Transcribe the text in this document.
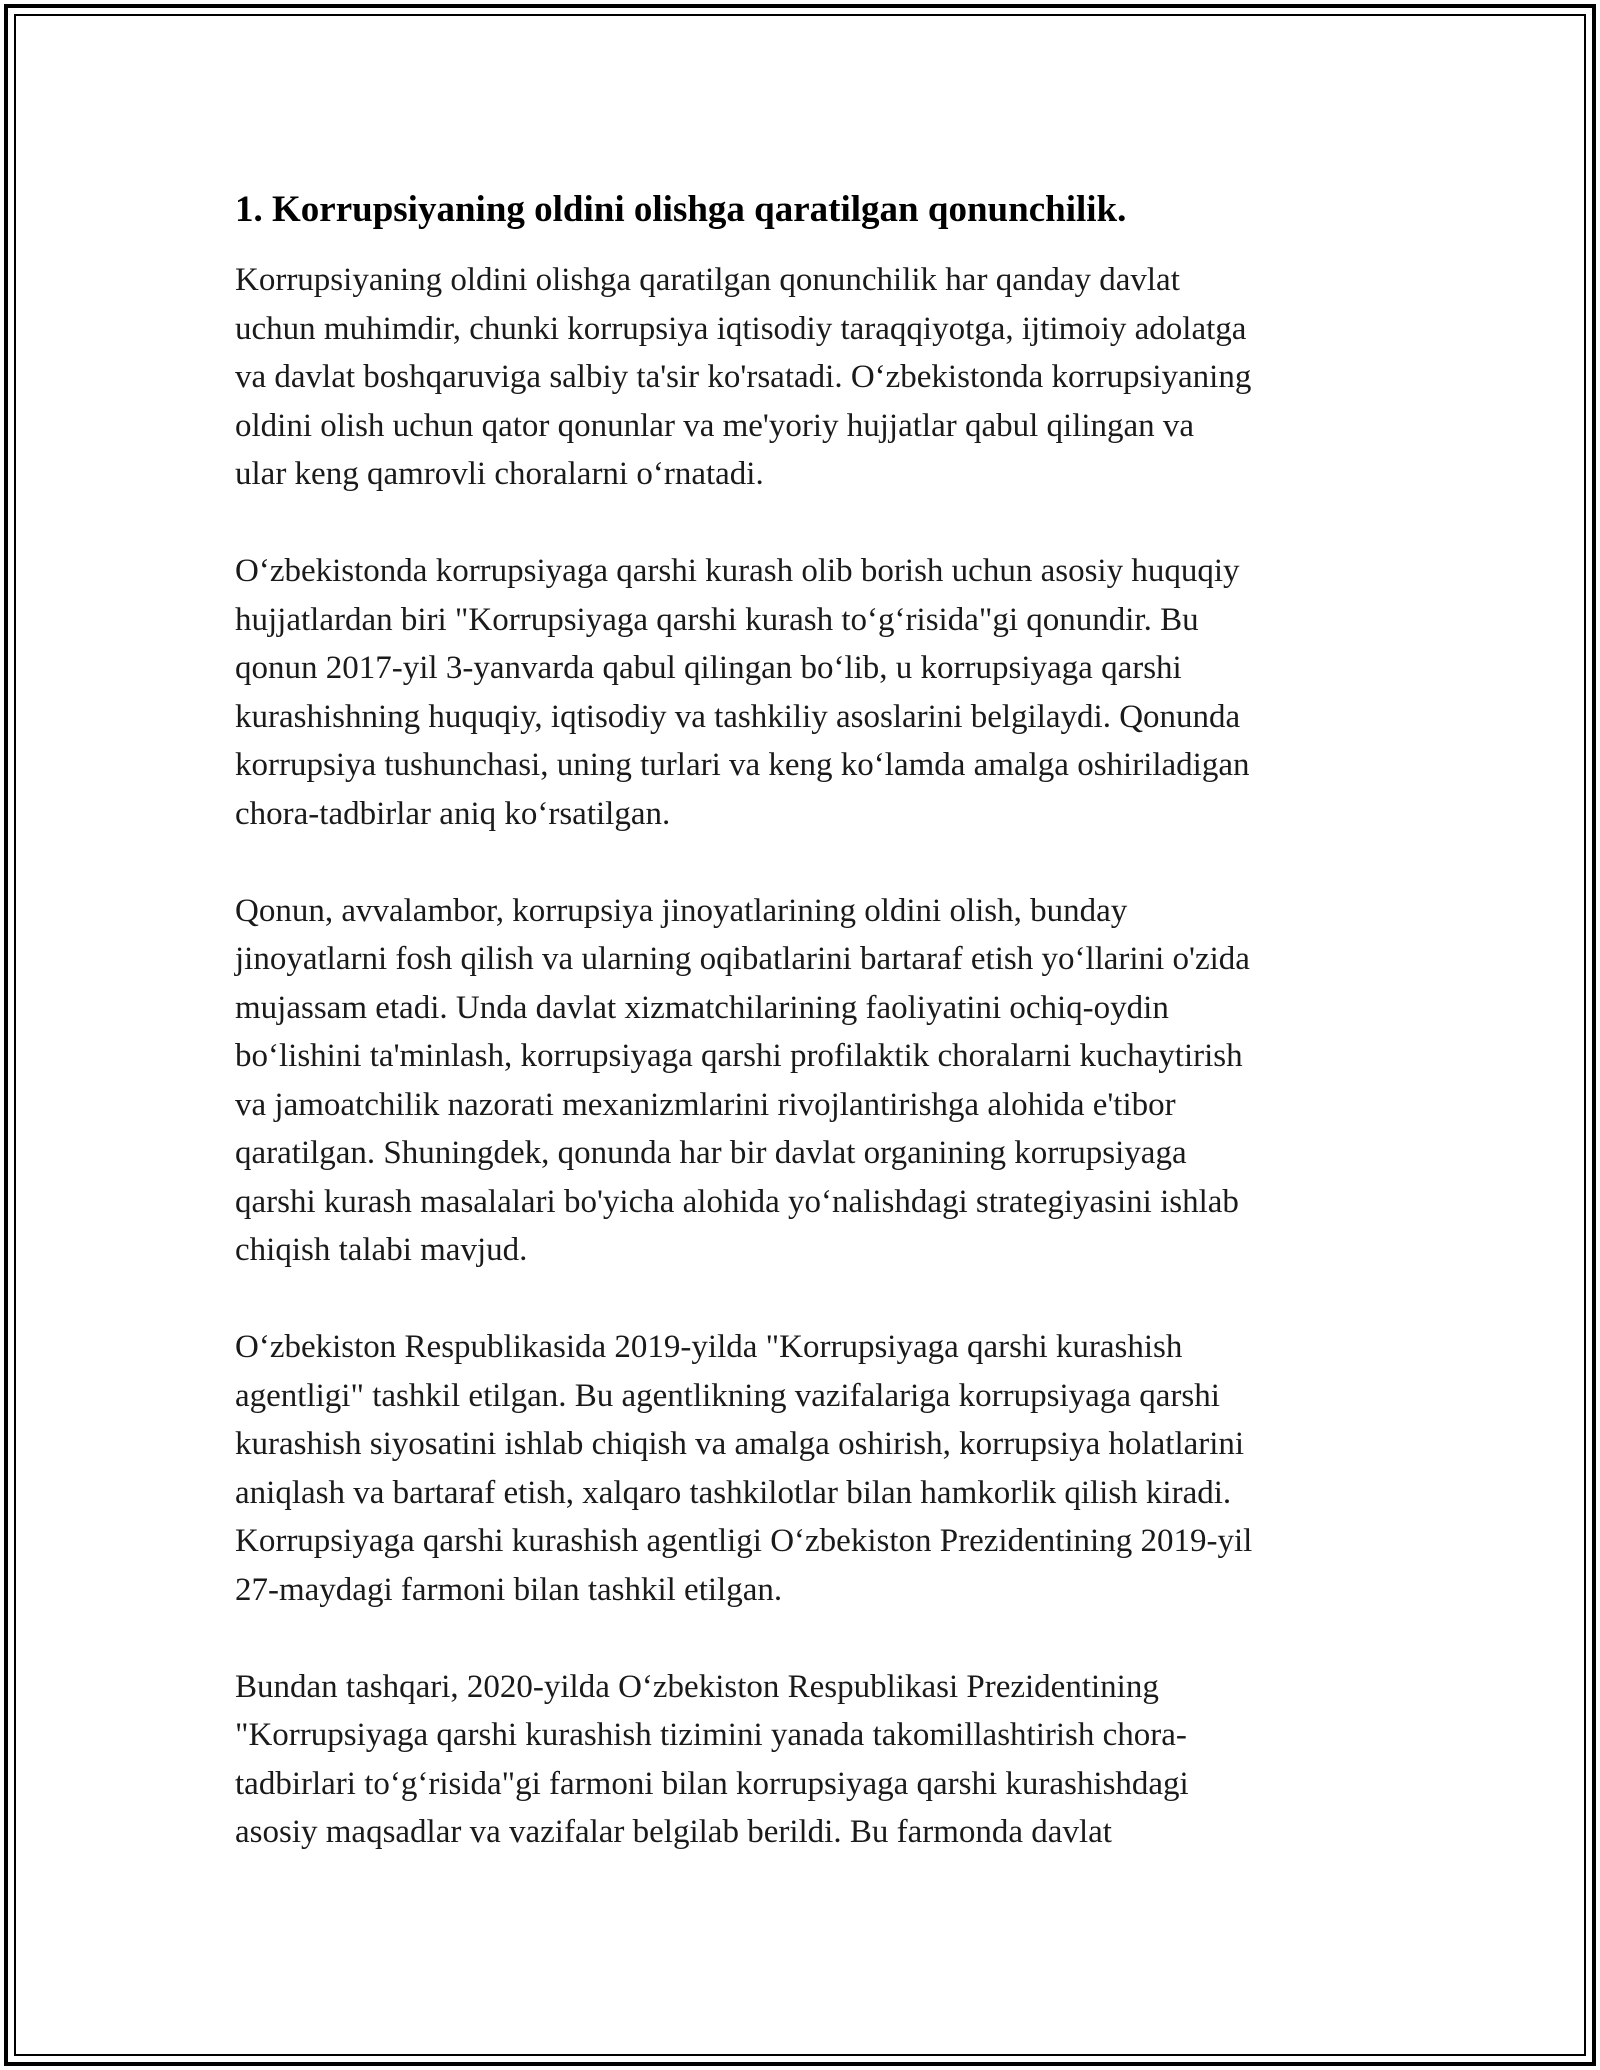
1. Korrupsiyaning oldini olishga qaratilgan qonunchilik.

Korrupsiyaning oldini olishga qaratilgan qonunchilik har qanday davlat
uchun muhimdir, chunki korrupsiya iqtisodiy taraqqiyotga, ijtimoiy adolatga
va davlat boshqaruviga salbiy ta'sir ko'rsatadi. O‘zbekistonda korrupsiyaning
oldini olish uchun qator qonunlar va me'yoriy hujjatlar qabul qilingan va
ular keng qamrovli choralarni o‘rnatadi.

O‘zbekistonda korrupsiyaga qarshi kurash olib borish uchun asosiy huquqiy
hujjatlardan biri "Korrupsiyaga qarshi kurash to‘g‘risida"gi qonundir. Bu
qonun 2017-yil 3-yanvarda qabul qilingan bo‘lib, u korrupsiyaga qarshi
kurashishning huquqiy, iqtisodiy va tashkiliy asoslarini belgilaydi. Qonunda
korrupsiya tushunchasi, uning turlari va keng ko‘lamda amalga oshiriladigan
chora-tadbirlar aniq ko‘rsatilgan.

Qonun, avvalambor, korrupsiya jinoyatlarining oldini olish, bunday
jinoyatlarni fosh qilish va ularning oqibatlarini bartaraf etish yo‘llarini o'zida
mujassam etadi. Unda davlat xizmatchilarining faoliyatini ochiq-oydin
bo‘lishini ta'minlash, korrupsiyaga qarshi profilaktik choralarni kuchaytirish
va jamoatchilik nazorati mexanizmlarini rivojlantirishga alohida e'tibor
qaratilgan. Shuningdek, qonunda har bir davlat organining korrupsiyaga
qarshi kurash masalalari bo'yicha alohida yo‘nalishdagi strategiyasini ishlab
chiqish talabi mavjud.

O‘zbekiston Respublikasida 2019-yilda "Korrupsiyaga qarshi kurashish
agentligi" tashkil etilgan. Bu agentlikning vazifalariga korrupsiyaga qarshi
kurashish siyosatini ishlab chiqish va amalga oshirish, korrupsiya holatlarini
aniqlash va bartaraf etish, xalqaro tashkilotlar bilan hamkorlik qilish kiradi.
Korrupsiyaga qarshi kurashish agentligi O‘zbekiston Prezidentining 2019-yil
27-maydagi farmoni bilan tashkil etilgan.

Bundan tashqari, 2020-yilda O‘zbekiston Respublikasi Prezidentining
"Korrupsiyaga qarshi kurashish tizimini yanada takomillashtirish chora-
tadbirlari to‘g‘risida"gi farmoni bilan korrupsiyaga qarshi kurashishdagi
asosiy maqsadlar va vazifalar belgilab berildi. Bu farmonda davlat
